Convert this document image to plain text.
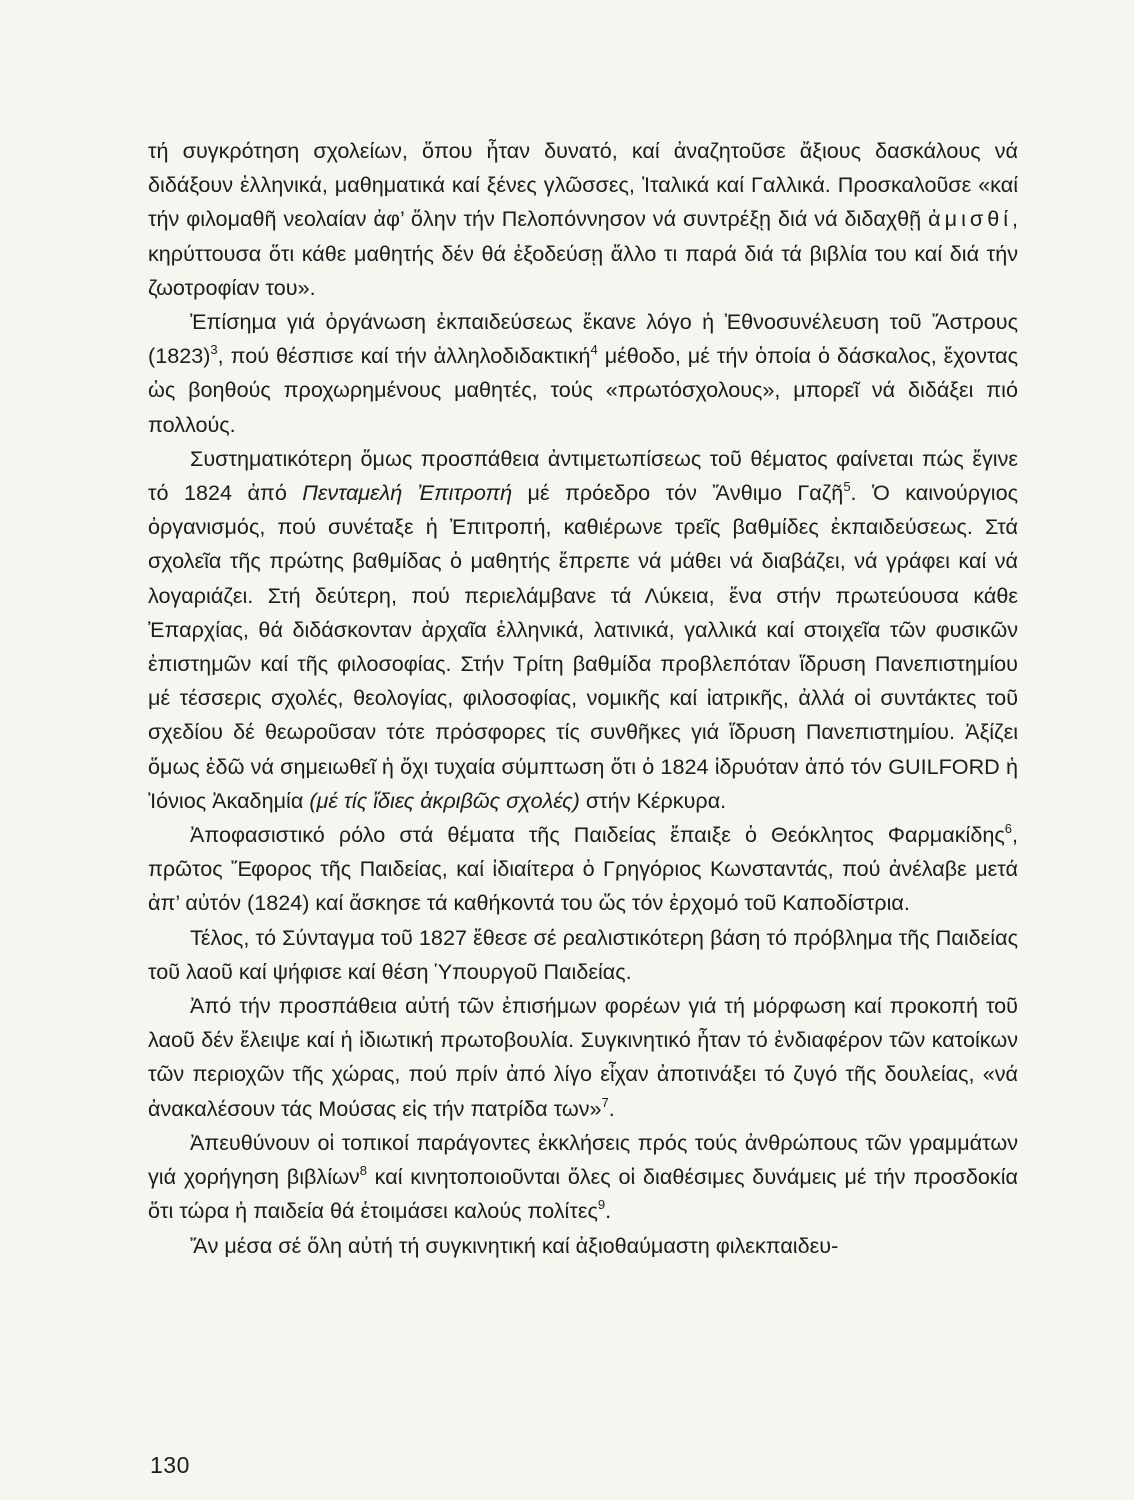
τή συγκρότηση σχολείων, ὅπου ἦταν δυνατό, καί ἀναζητοῦσε ἄξιους δασκάλους νά διδάξουν ἑλληνικά, μαθηματικά καί ξένες γλῶσσες, Ἰταλικά καί Γαλλικά. Προσκαλοῦσε «καί τήν φιλομαθῆ νεολαίαν ἀφ’ ὅλην τήν Πελοπόννησον νά συντρέξῃ διά νά διδαχθῇ ἀμισθί, κηρύττουσα ὅτι κάθε μαθητής δέν θά ἐξοδεύσῃ ἄλλο τι παρά διά τά βιβλία του καί διά τήν ζωοτροφίαν του».

Ἐπίσημα γιά ὀργάνωση ἐκπαιδεύσεως ἔκανε λόγο ἡ Ἐθνοσυνέλευση τοῦ Ἄστρους $(1823)^3$, πού θέσπισε καί τήν ἀλληλοδιδακτική$^4$ μέθοδο, μέ τήν ὁποία ὁ δάσκαλος, ἔχοντας ὡς βοηθούς προχωρημένους μαθητές, τούς «πρωτόσχολους», μπορεῖ νά διδάξει πιό πολλούς.

Συστηματικότερη ὅμως προσπάθεια ἀντιμετωπίσεως τοῦ θέματος φαίνεται πώς ἔγινε τό 1824 ἀπό Πενταμελή Ἐπιτροπή μέ πρόεδρο τόν Ἄνθιμο Γαζῆ$^5$. Ὁ καινούργιος ὀργανισμός, πού συνέταξε ἡ Ἐπιτροπή, καθιέρωνε τρεῖς βαθμίδες ἐκπαιδεύσεως. Στά σχολεῖα τῆς πρώτης βαθμίδας ὁ μαθητής ἔπρεπε νά μάθει νά διαβάζει, νά γράφει καί νά λογαριάζει. Στή δεύτερη, πού περιελάμβανε τά Λύκεια, ἕνα στήν πρωτεύουσα κάθε Ἐπαρχίας, θά διδάσκονταν ἀρχαῖα ἑλληνικά, λατινικά, γαλλικά καί στοιχεῖα τῶν φυσικῶν ἐπιστημῶν καί τῆς φιλοσοφίας. Στήν Τρίτη βαθμίδα προβλεπόταν ἵδρυση Πανεπιστημίου μέ τέσσερις σχολές, θεολογίας, φιλοσοφίας, νομικῆς καί ἰατρικῆς, ἀλλά οἱ συντάκτες τοῦ σχεδίου δέ θεωροῦσαν τότε πρόσφορες τίς συνθῆκες γιά ἵδρυση Πανεπιστημίου. Ἀξίζει ὅμως ἐδῶ νά σημειωθεῖ ἡ ὄχι τυχαία σύμπτωση ὅτι ὁ 1824 ἱδρυόταν ἀπό τόν GUILFORD ἡ Ἰόνιος Ἀκαδημία (μέ τίς ἴδιες ἀκριβῶς σχολές) στήν Κέρκυρα.

Ἀποφασιστικό ρόλο στά θέματα τῆς Παιδείας ἔπαιξε ὁ Θεόκλητος Φαρμακίδης$^6$, πρῶτος Ἔφορος τῆς Παιδείας, καί ἰδιαίτερα ὁ Γρηγόριος Κωνσταντάς, πού ἀνέλαβε μετά ἀπ’ αὐτόν (1824) καί ἄσκησε τά καθήκοντά του ὥς τόν ἐρχομό τοῦ Καποδίστρια.

Τέλος, τό Σύνταγμα τοῦ 1827 ἔθεσε σέ ρεαλιστικότερη βάση τό πρόβλημα τῆς Παιδείας τοῦ λαοῦ καί ψήφισε καί θέση Ὑπουργοῦ Παιδείας.

Ἀπό τήν προσπάθεια αὐτή τῶν ἐπισήμων φορέων γιά τή μόρφωση καί προκοπή τοῦ λαοῦ δέν ἔλειψε καί ἡ ἰδιωτική πρωτοβουλία. Συγκινητικό ἦταν τό ἐνδιαφέρον τῶν κατοίκων τῶν περιοχῶν τῆς χώρας, πού πρίν ἀπό λίγο εἶχαν ἀποτινάξει τό ζυγό τῆς δουλείας, «νά ἀνακαλέσουν τάς Μούσας εἰς τήν πατρίδα των»$^7$.

Ἀπευθύνουν οἱ τοπικοί παράγοντες ἐκκλήσεις πρός τούς ἀνθρώπους τῶν γραμμάτων γιά χορήγηση βιβλίων$^8$ καί κινητοποιοῦνται ὅλες οἱ διαθέσιμες δυνάμεις μέ τήν προσδοκία ὅτι τώρα ἡ παιδεία θά ἑτοιμάσει καλούς πολίτες$^9$.

Ἄν μέσα σέ ὅλη αὐτή τή συγκινητική καί ἀξιοθαύμαστη φιλεκπαιδευ-

130
